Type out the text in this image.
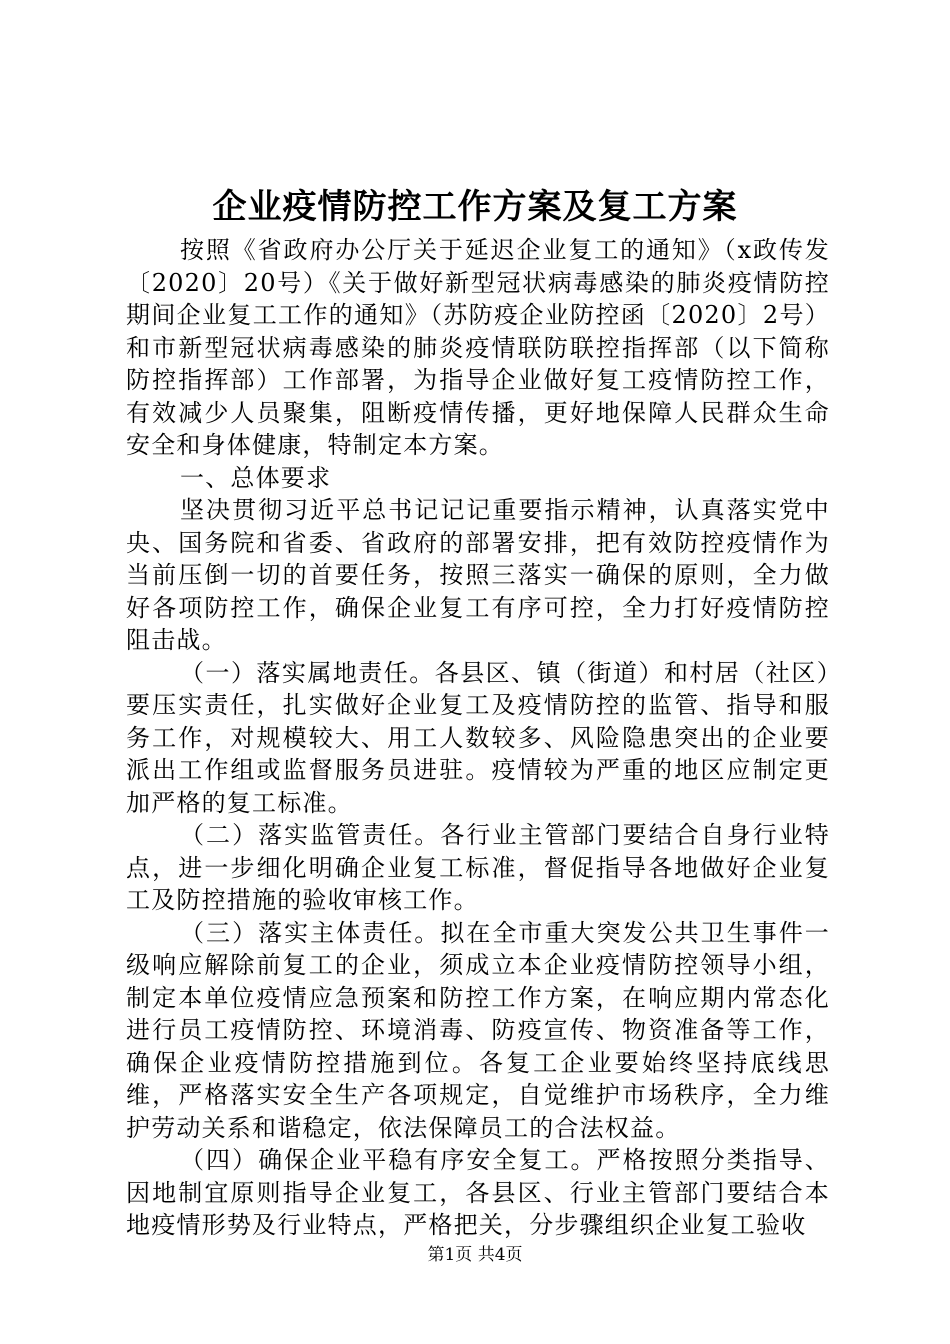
企业疫情防控工作方案及复工方案

按照《省政府办公厅关于延迟企业复工的通知》（x政传发〔2020〕20号）《关于做好新型冠状病毒感染的肺炎疫情防控期间企业复工工作的通知》（苏防疫企业防控函〔2020〕2号）和市新型冠状病毒感染的肺炎疫情联防联控指挥部（以下简称防控指挥部）工作部署，为指导企业做好复工疫情防控工作，有效减少人员聚集，阻断疫情传播，更好地保障人民群众生命安全和身体健康，特制定本方案。

一、总体要求

坚决贯彻习近平总书记记记重要指示精神，认真落实党中央、国务院和省委、省政府的部署安排，把有效防控疫情作为当前压倒一切的首要任务，按照三落实一确保的原则，全力做好各项防控工作，确保企业复工有序可控，全力打好疫情防控阻击战。

（一）落实属地责任。各县区、镇（街道）和村居（社区）要压实责任，扎实做好企业复工及疫情防控的监管、指导和服务工作，对规模较大、用工人数较多、风险隐患突出的企业要派出工作组或监督服务员进驻。疫情较为严重的地区应制定更加严格的复工标准。

（二）落实监管责任。各行业主管部门要结合自身行业特点，进一步细化明确企业复工标准，督促指导各地做好企业复工及防控措施的验收审核工作。

（三）落实主体责任。拟在全市重大突发公共卫生事件一级响应解除前复工的企业，须成立本企业疫情防控领导小组，制定本单位疫情应急预案和防控工作方案，在响应期内常态化进行员工疫情防控、环境消毒、防疫宣传、物资准备等工作，确保企业疫情防控措施到位。各复工企业要始终坚持底线思维，严格落实安全生产各项规定，自觉维护市场秩序，全力维护劳动关系和谐稳定，依法保障员工的合法权益。

（四）确保企业平稳有序安全复工。严格按照分类指导、因地制宜原则指导企业复工，各县区、行业主管部门要结合本地疫情形势及行业特点，严格把关，分步骤组织企业复工验收

第1页 共4页
